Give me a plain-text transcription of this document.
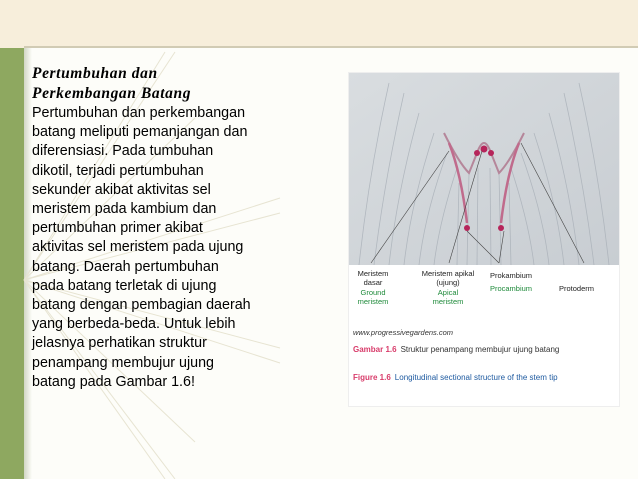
Pertumbuhan dan
Perkembangan Batang

Pertumbuhan dan perkembangan
batang meliputi pemanjangan dan
diferensiasi. Pada tumbuhan
dikotil, terjadi pertumbuhan
sekunder akibat aktivitas sel
meristem pada kambium dan
pertumbuhan primer akibat
aktivitas sel meristem pada ujung
batang. Daerah pertumbuhan
pada batang terletak di ujung
batang dengan pembagian daerah
yang berbeda-beda. Untuk lebih
jelasnya perhatikan struktur
penampang membujur ujung
batang pada Gambar 1.6!

Meristem
dasar
Ground
meristem
Meristem apikal
(ujung)
Apical
meristem
Prokambium
Procambium	Protoderm
www.progressivegardens.com
Gambar 1.6 Struktur penampang membujur ujung batang
Figure 1.6 Longitudinal sectional structure of the stem tip
